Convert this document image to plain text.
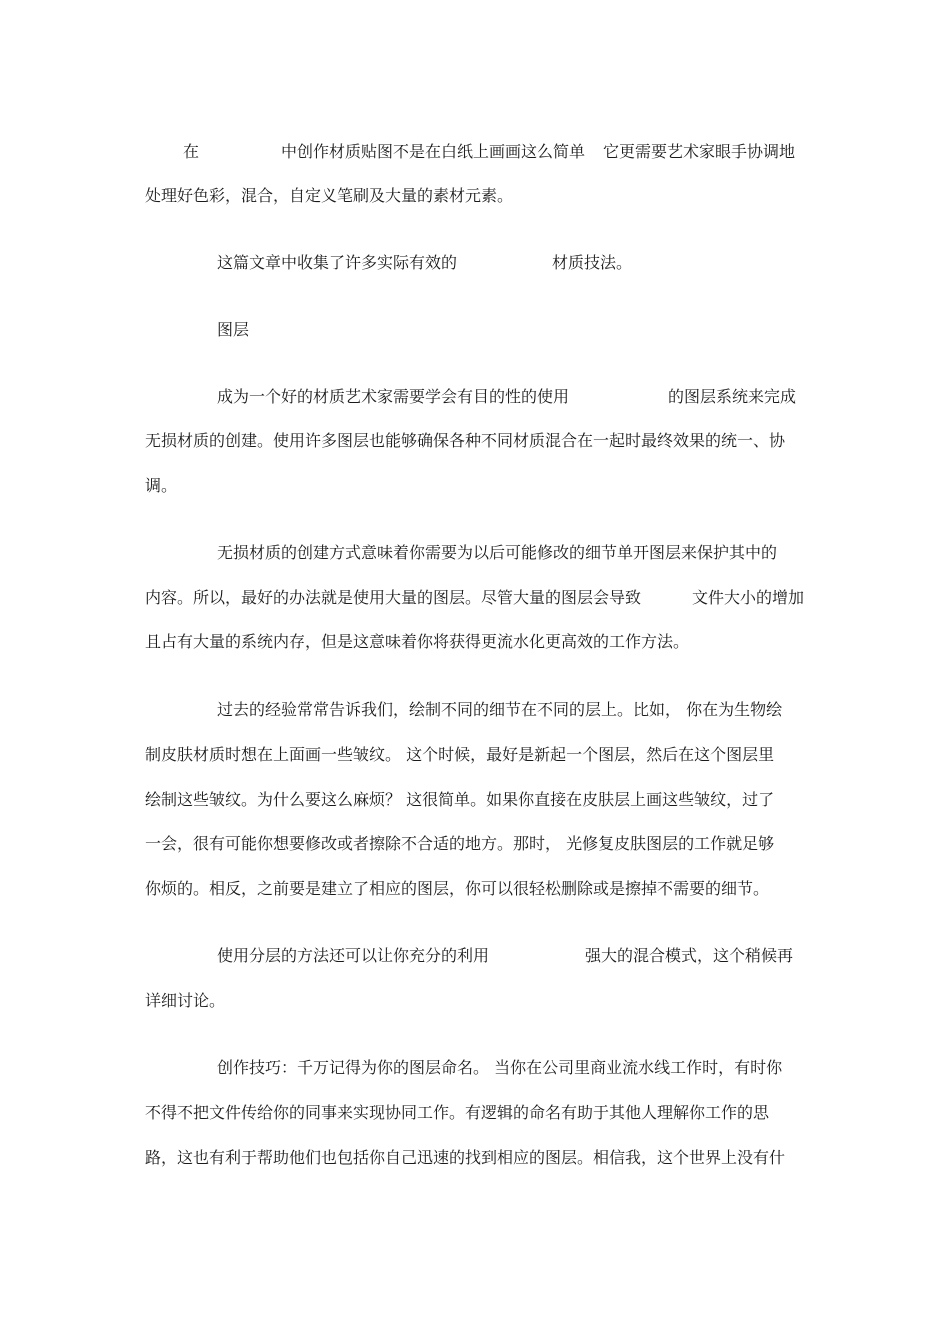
在	中创作材质贴图不是在白纸上画画这么简单 它更需要艺术家眼手协调地
处理好色彩，混合，自定义笔刷及大量的素材元素。
这篇文章中收集了许多实际有效的	材质技法。
图层
成为一个好的材质艺术家需要学会有目的性的使用	的图层系统来完成
无损材质的创建。使用许多图层也能够确保各种不同材质混合在一起时最终效果的统一、协
调。
无损材质的创建方式意味着你需要为以后可能修改的细节单开图层来保护其中的
内容。所以，最好的办法就是使用大量的图层。尽管大量的图层会导致	文件大小的增加
且占有大量的系统内存，但是这意味着你将获得更流水化更高效的工作方法。
过去的经验常常告诉我们，绘制不同的细节在不同的层上。比如， 你在为生物绘
制皮肤材质时想在上面画一些皱纹。 这个时候，最好是新起一个图层，然后在这个图层里
绘制这些皱纹。为什么要这么麻烦？ 这很简单。如果你直接在皮肤层上画这些皱纹，过了
一会，很有可能你想要修改或者擦除不合适的地方。那时， 光修复皮肤图层的工作就足够
你烦的。相反，之前要是建立了相应的图层，你可以很轻松删除或是擦掉不需要的细节。
使用分层的方法还可以让你充分的利用	强大的混合模式，这个稍候再
详细讨论。
创作技巧：千万记得为你的图层命名。 当你在公司里商业流水线工作时，有时你
不得不把文件传给你的同事来实现协同工作。有逻辑的命名有助于其他人理解你工作的思
路，这也有利于帮助他们也包括你自己迅速的找到相应的图层。相信我，这个世界上没有什
